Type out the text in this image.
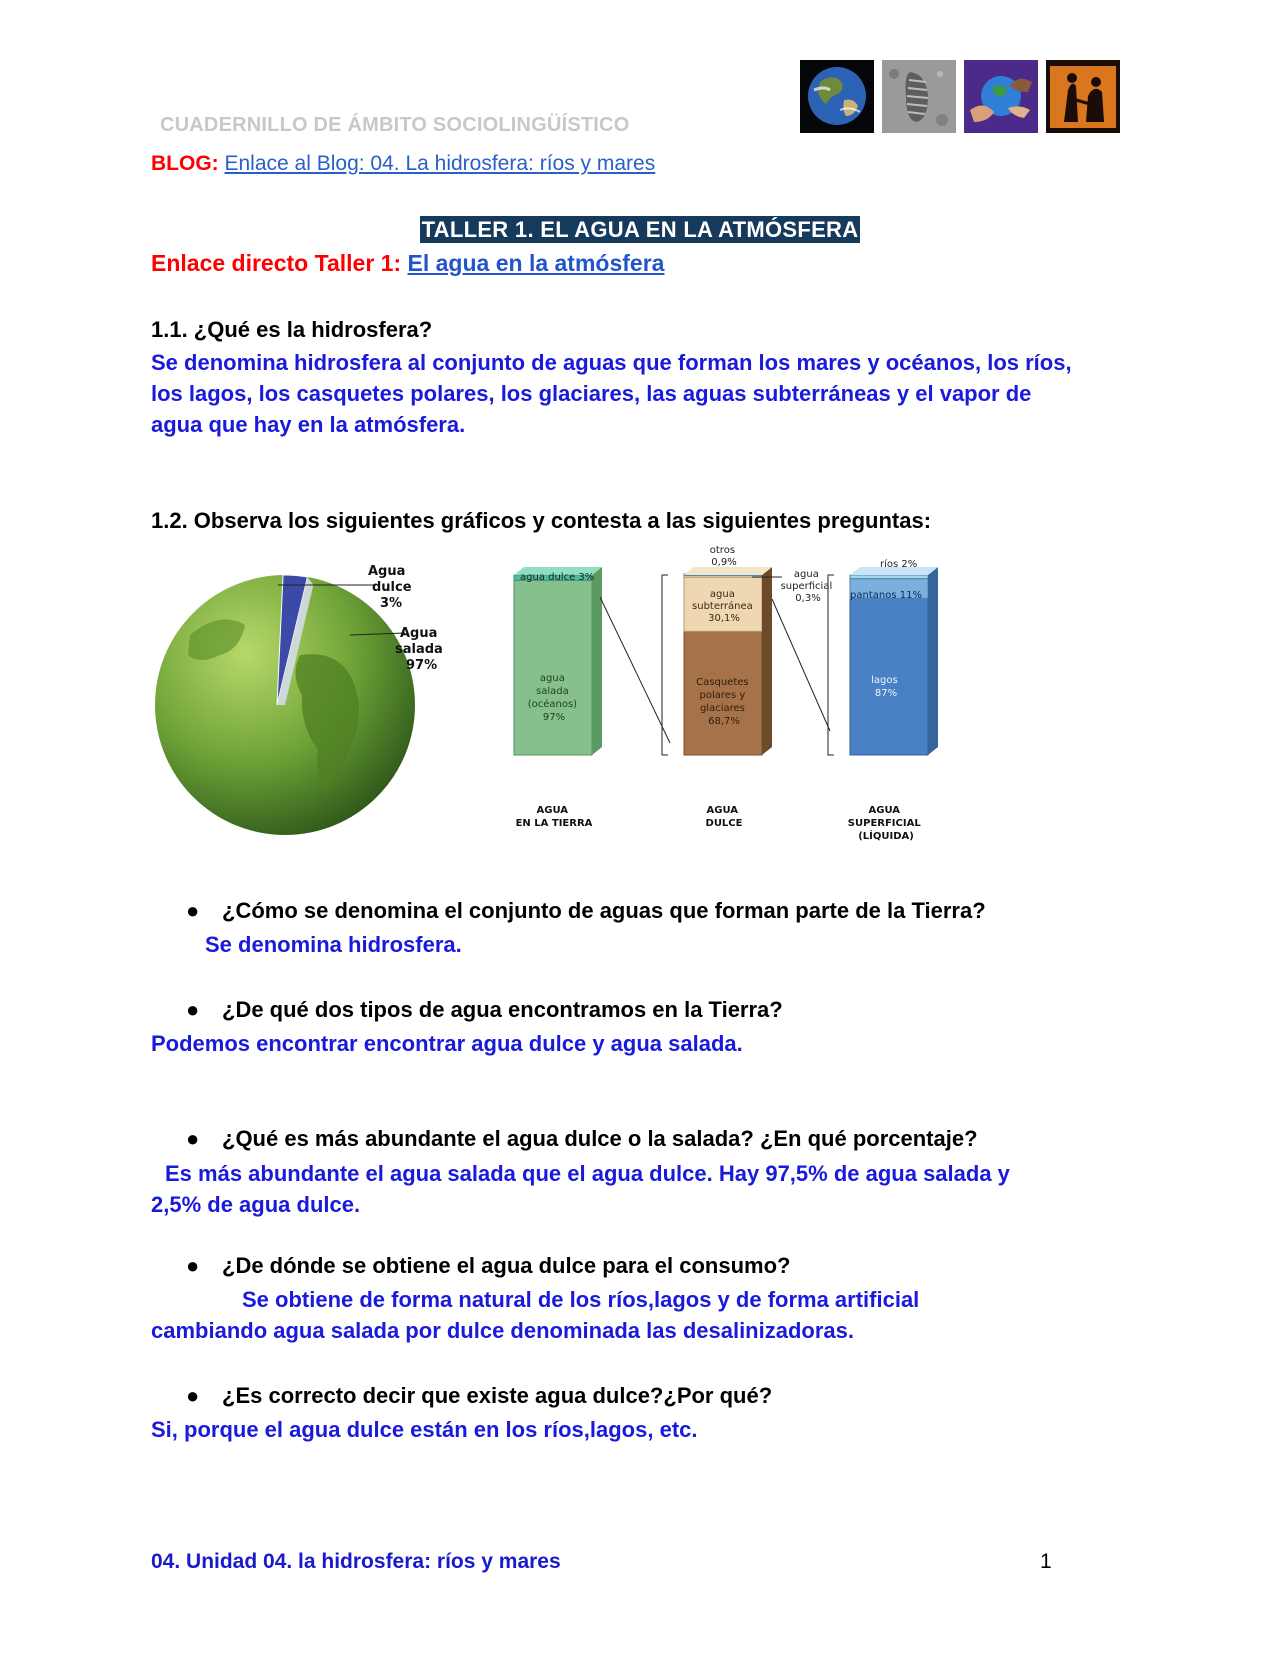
CUADERNILLO DE ÁMBITO SOCIOLINGÜÍSTICO
BLOG: Enlace al Blog: 04. La hidrosfera: ríos y mares
TALLER 1. EL AGUA EN LA ATMÓSFERA
Enlace directo Taller 1: El agua en la atmósfera
1.1. ¿Qué es la hidrosfera?
Se denomina hidrosfera al conjunto de aguas que forman los mares y océanos, los ríos,
los lagos, los casquetes polares, los glaciares, las aguas subterráneas y el vapor de
agua que hay en la atmósfera.
1.2. Observa los siguientes gráficos y contesta a las siguientes preguntas:
Agua dulce 3%
Agua salada 97%
agua dulce 3%
agua salada (océanos) 97%
AGUA EN LA TIERRA
otros 0,9%
agua superficial 0,3%
agua subterránea 30,1%
Casquetes polares y glaciares 68,7%
AGUA DULCE
ríos 2%
pantanos 11%
lagos 87%
AGUA SUPERFICIAL (LÍQUIDA)
● ¿Cómo se denomina el conjunto de aguas que forman parte de la Tierra?
Se denomina hidrosfera.
● ¿De qué dos tipos de agua encontramos en la Tierra?
Podemos encontrar encontrar agua dulce y agua salada.
● ¿Qué es más abundante el agua dulce o la salada? ¿En qué porcentaje?
Es más abundante el agua salada que el agua dulce. Hay 97,5% de agua salada y
2,5% de agua dulce.
● ¿De dónde se obtiene el agua dulce para el consumo?
Se obtiene de forma natural de los ríos,lagos y de forma artificial
cambiando agua salada por dulce denominada las desalinizadoras.
● ¿Es correcto decir que existe agua dulce?¿Por qué?
Si, porque el agua dulce están en los ríos,lagos, etc.
04. Unidad 04. la hidrosfera: ríos y mares	1
